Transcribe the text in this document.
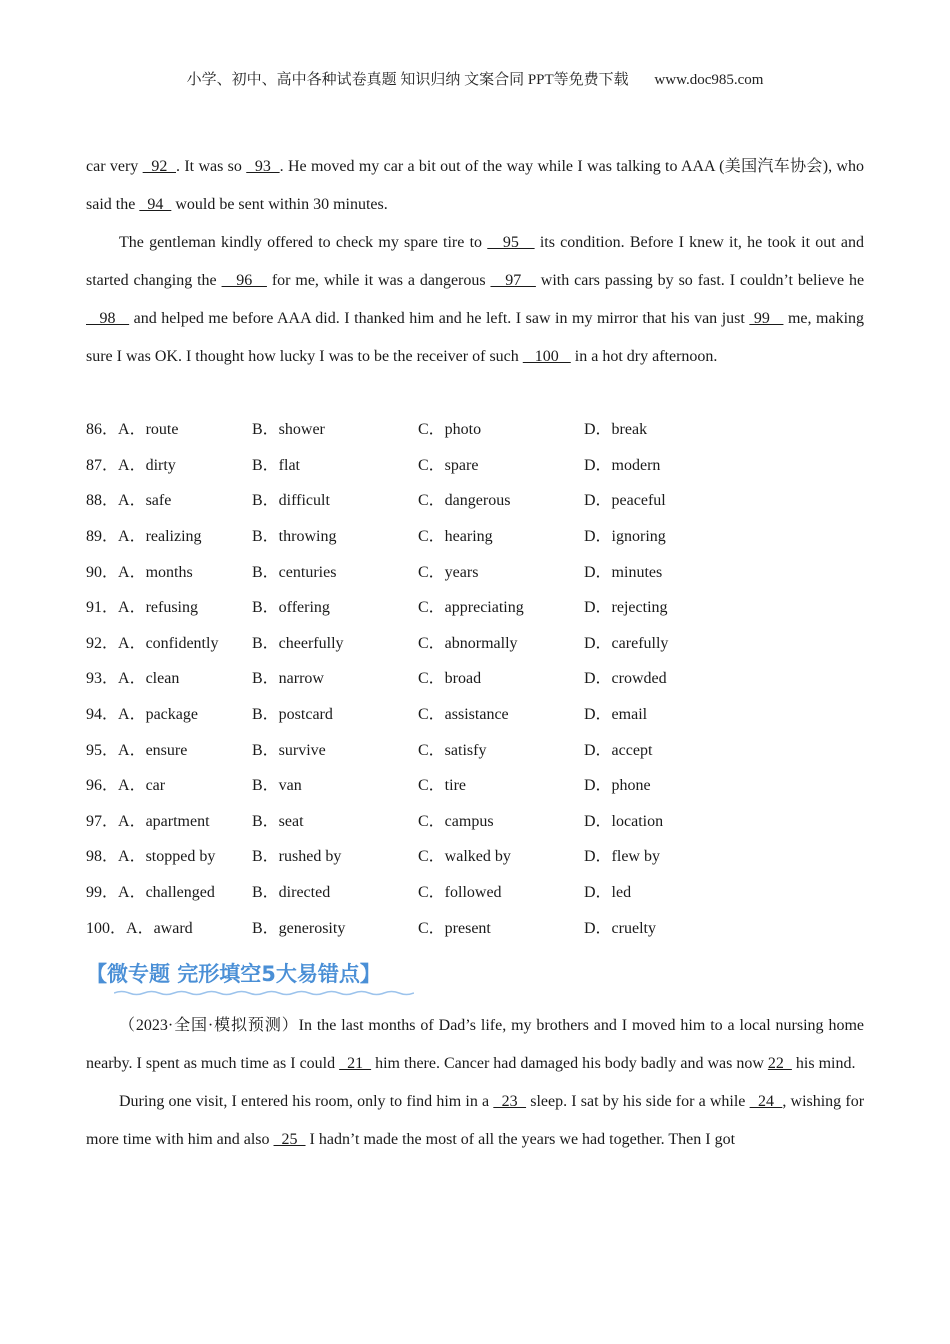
小学、初中、高中各种试卷真题 知识归纳 文案合同 PPT等免费下载 www.doc985.com

car very   92  . It was so   93  . He moved my car a bit out of the way while I was talking to AAA (美国汽车协会), who said the   94   would be sent within 30 minutes.

The gentleman kindly offered to check my spare tire to    95    its condition. Before I knew it, he took it out and started changing the    96    for me, while it was a dangerous    97    with cars passing by so fast. I couldn’t believe he    98    and helped me before AAA did. I thanked him and he left. I saw in my mirror that his van just  99    me, making sure I was OK. I thought how lucky I was to be the receiver of such    100    in a hot dry afternoon.

86．A．route	B．shower	C．photo	D．break
87．A．dirty	B．flat	C．spare	D．modern
88．A．safe	B．difficult	C．dangerous	D．peaceful
89．A．realizing	B．throwing	C．hearing	D．ignoring
90．A．months	B．centuries	C．years	D．minutes
91．A．refusing	B．offering	C．appreciating	D．rejecting
92．A．confidently	B．cheerfully	C．abnormally	D．carefully
93．A．clean	B．narrow	C．broad	D．crowded
94．A．package	B．postcard	C．assistance	D．email
95．A．ensure	B．survive	C．satisfy	D．accept
96．A．car	B．van	C．tire	D．phone
97．A．apartment	B．seat	C．campus	D．location
98．A．stopped by	B．rushed by	C．walked by	D．flew by
99．A．challenged	B．directed	C．followed	D．led
100．A．award	B．generosity	C．present	D．cruelty
【微专题 完形填空5大易错点】

（2023·全国·模拟预测）In the last months of Dad’s life, my brothers and I moved him to a local nursing home nearby. I spent as much time as I could   21   him there. Cancer had damaged his body badly and was now 22   his mind.

During one visit, I entered his room, only to find him in a   23   sleep. I sat by his side for a while   24  , wishing for more time with him and also   25   I hadn’t made the most of all the years we had together. Then I got
